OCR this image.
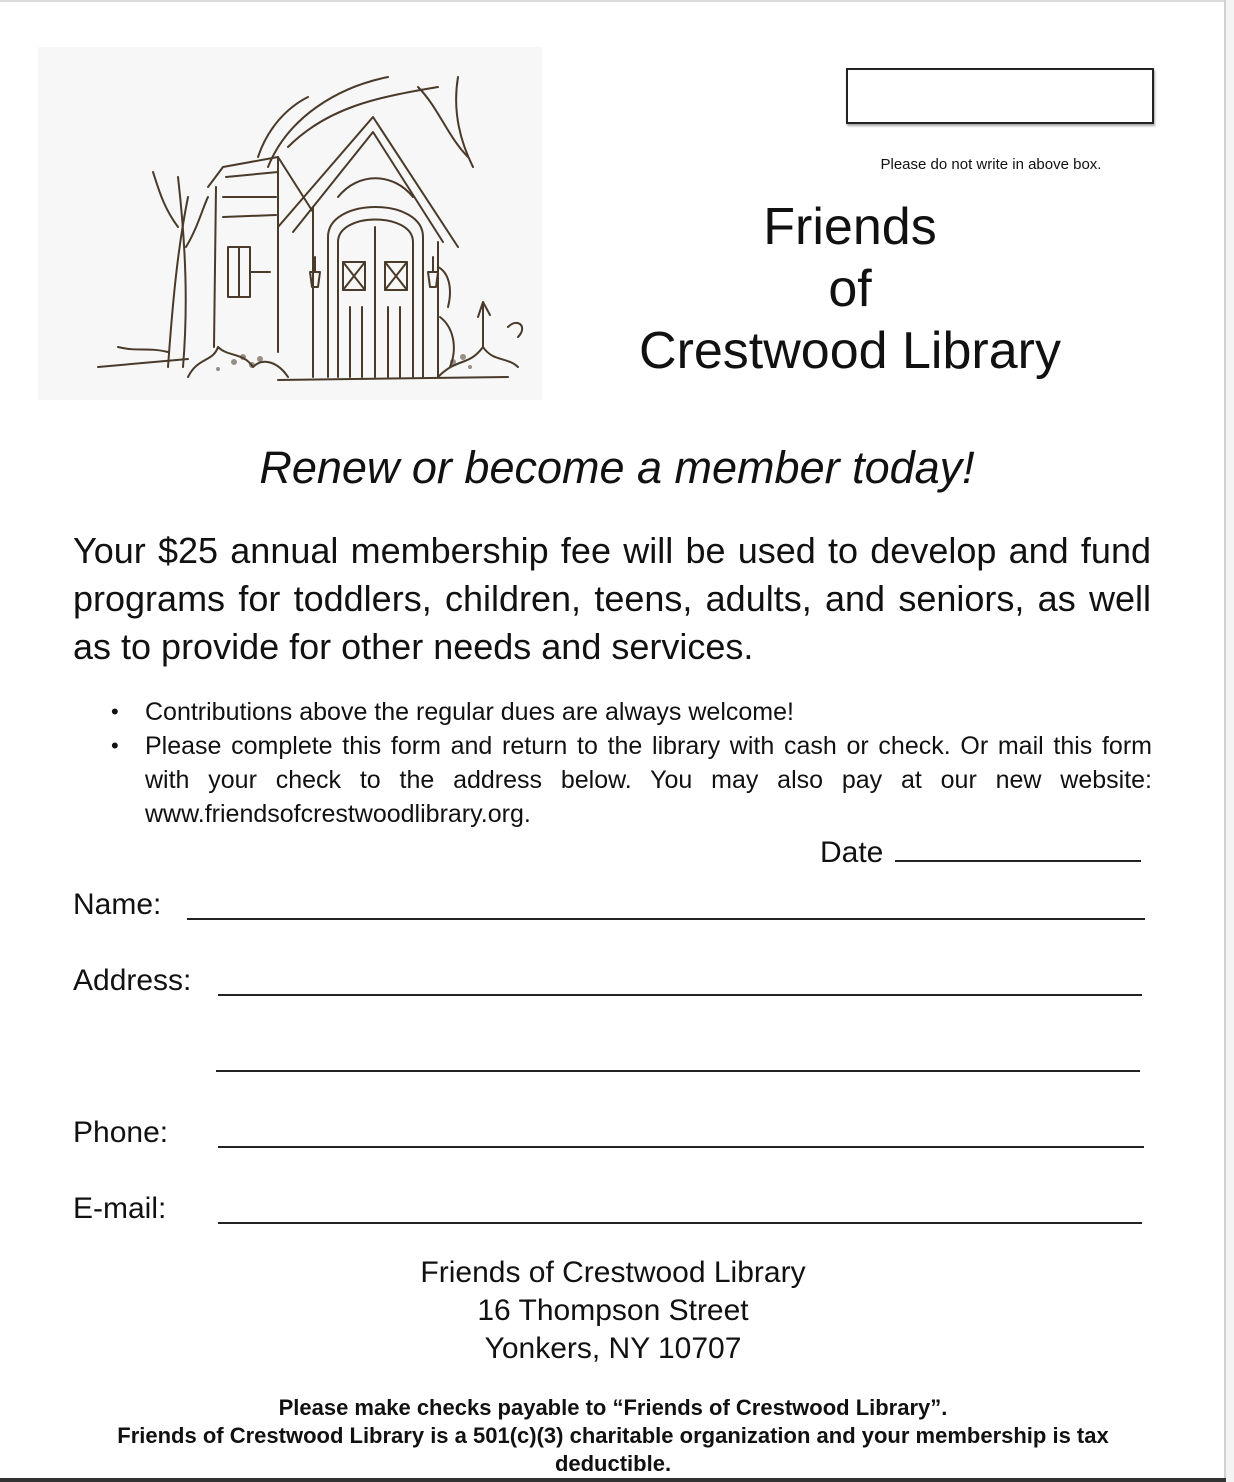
Please do not write in above box.
Friends
of
Crestwood Library
Renew or become a member today!

Your $25 annual membership fee will be used to develop and fund programs for toddlers, children, teens, adults, and seniors, as well as to provide for other needs and services.

• Contributions above the regular dues are always welcome!
• Please complete this form and return to the library with cash or check. Or mail this form with your check to the address below. You may also pay at our new website: www.friendsofcrestwoodlibrary.org.
Date
Name:
Address:
Phone:
E-mail:
Friends of Crestwood Library
16 Thompson Street
Yonkers, NY 10707
Please make checks payable to “Friends of Crestwood Library”.
Friends of Crestwood Library is a 501(c)(3) charitable organization and your membership is tax deductible.
